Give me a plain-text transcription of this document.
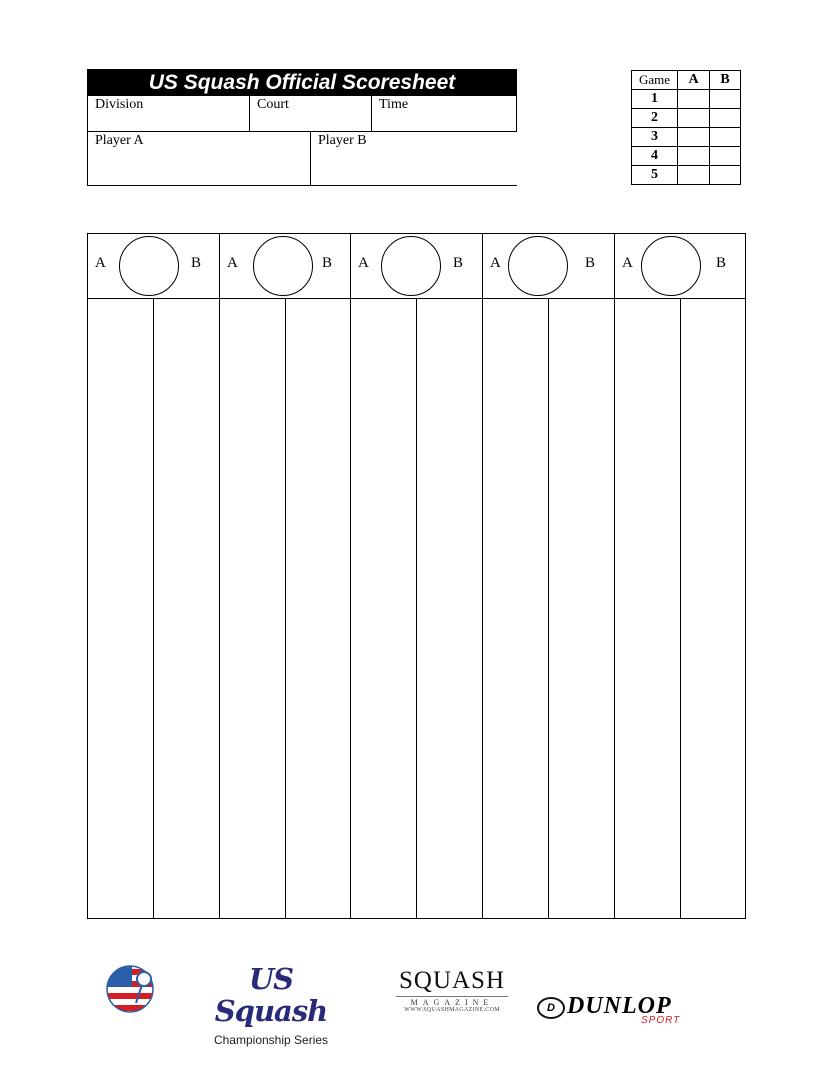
US Squash Official Scoresheet
Division	Court	Time
Player A	Player B
Game	A	B
1		
2		
3		
4		
5		
A	B A	B A	B A	B A	B
US Squash
Championship Series
SQUASH
MAGAZINE
WWW.SQUASHMAGAZINE.COM	D DUNLOP
SPORT
